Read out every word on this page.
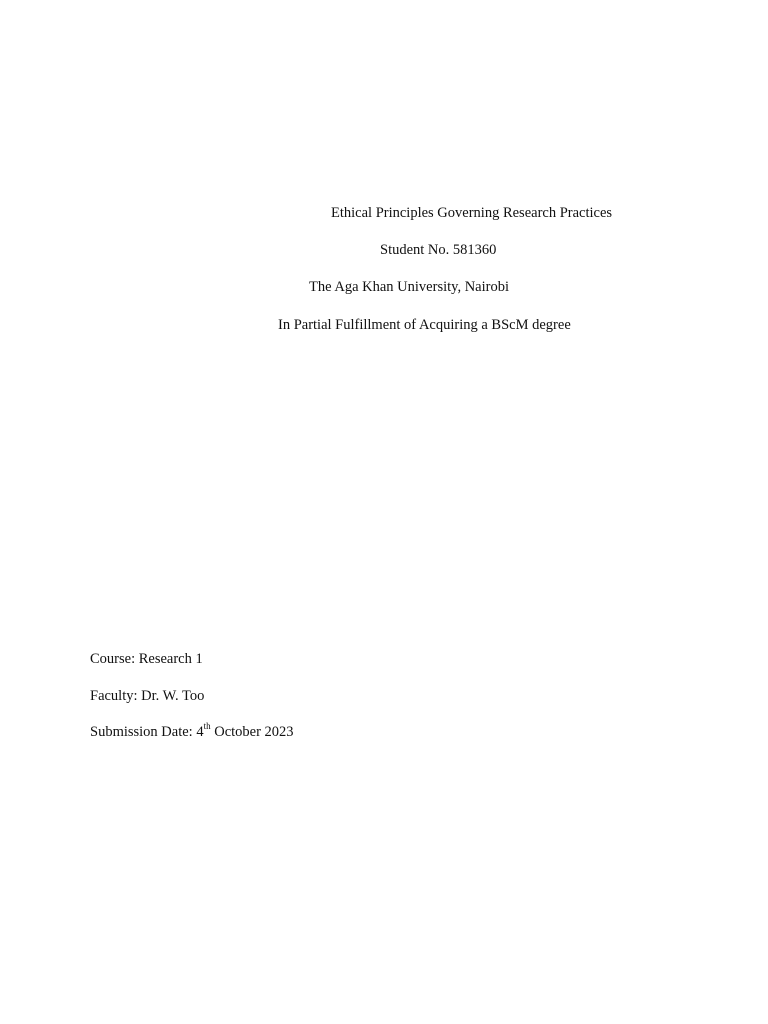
Ethical Principles Governing Research Practices
Student No. 581360
The Aga Khan University, Nairobi
In Partial Fulfillment of Acquiring a BScM degree
Course: Research 1
Faculty: Dr. W. Too
Submission Date: 4th October 2023
